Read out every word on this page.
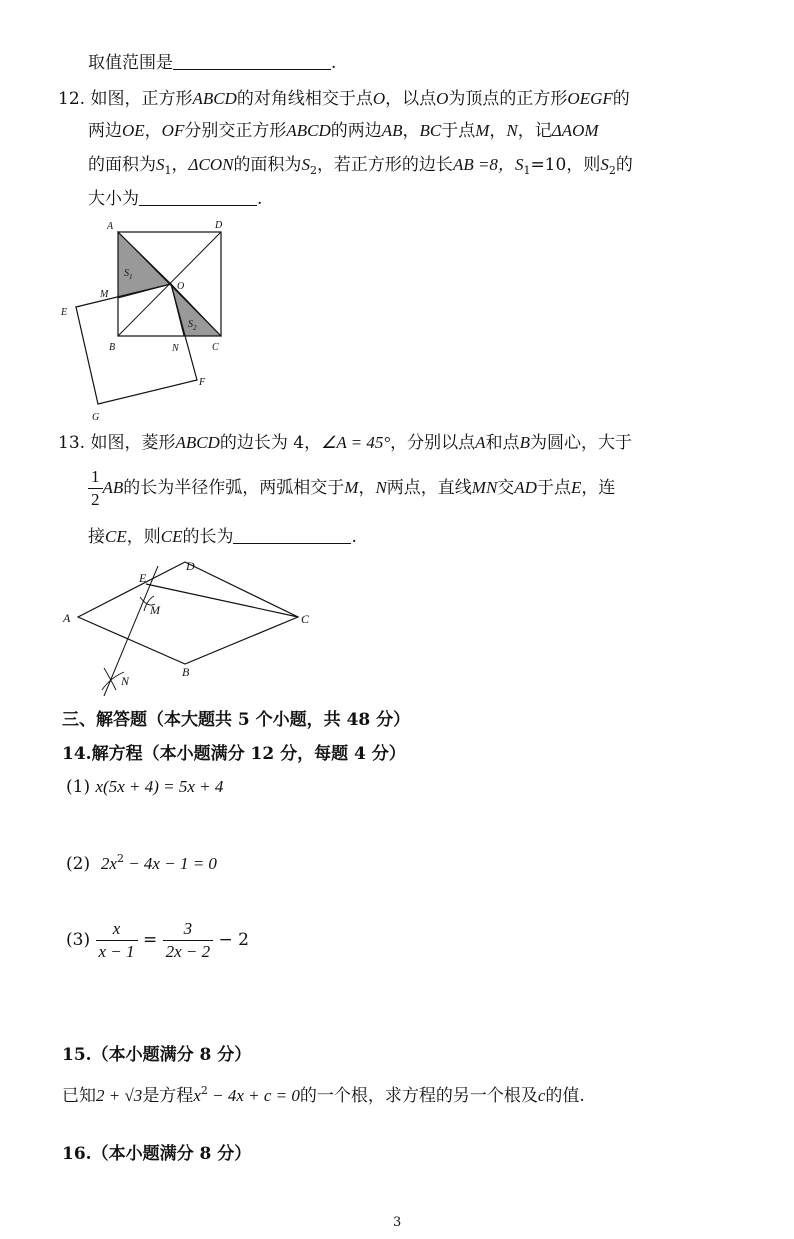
取值范围是	.
12. 如图，正方形ABCD的对角线相交于点O，以点O为顶点的正方形OEGF的
两边OE，OF分别交正方形ABCD的两边AB，BC于点M，N，记ΔAOM
的面积为$S_1$，ΔCON的面积为$S_2$，若正方形的边长AB =8，$S_1=10$，则$S_2$的
大小为	.
A	D
O
M
E
B	N	C
F
G
$S_1$
$S_2$
13. 如图，菱形ABCD的边长为 4，∠A = 45°，分别以点A和点B为圆心，大于
$\frac{1}{2}$ AB的长为半径作弧，两弧相交于M，N两点，直线MN交AD于点E，连
接CE，则CE的长为	.
E
D
M
A	C
B
N
三、解答题（本大题共 5 个小题，共 48 分）
14.解方程（本小题满分 12 分，每题 4 分）
(1) x(5x + 4) = 5x + 4
(2) $2x^2 - 4x - 1 = 0$
$(3) \frac{x}{x - 1} = \frac{3}{2x - 2} - 2$
15.（本小题满分 8 分）
已知2 + √3是方程$x^2 - 4x + c = 0$的一个根，求方程的另一个根及c的值.
16.（本小题满分 8 分）
3
